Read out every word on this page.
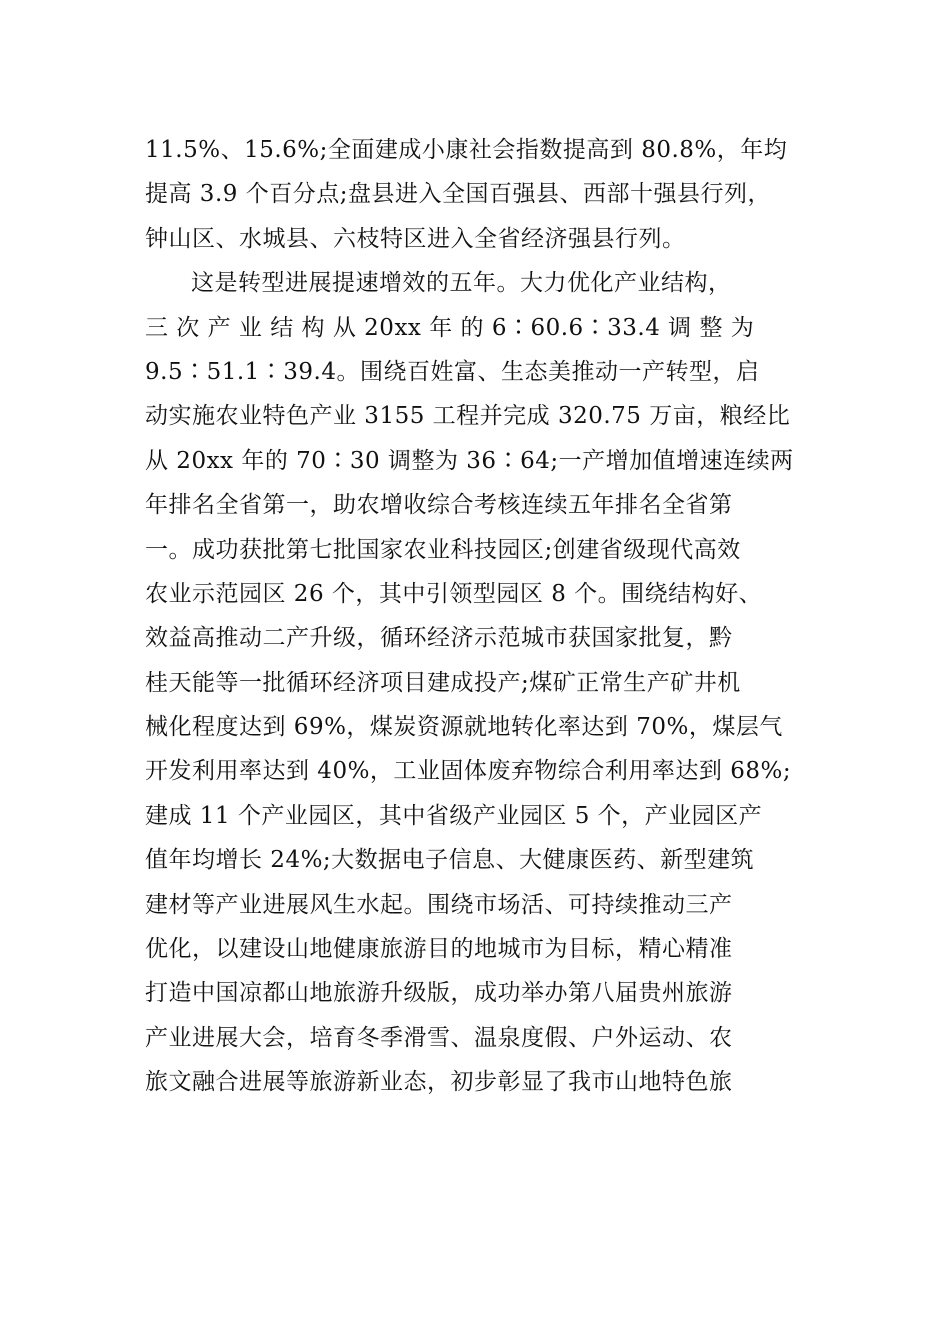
11.5%、15.6%;全面建成小康社会指数提高到 80.8%，年均
提高 3.9 个百分点;盘县进入全国百强县、西部十强县行列，
钟山区、水城县、六枝特区进入全省经济强县行列。
这是转型进展提速增效的五年。大力优化产业结构，
三 次 产 业 结 构 从 20xx 年 的 6∶60.6∶33.4 调 整 为
9.5∶51.1∶39.4。围绕百姓富、生态美推动一产转型，启
动实施农业特色产业 3155 工程并完成 320.75 万亩，粮经比
从 20xx 年的 70∶30 调整为 36∶64;一产增加值增速连续两
年排名全省第一，助农增收综合考核连续五年排名全省第
一。成功获批第七批国家农业科技园区;创建省级现代高效
农业示范园区 26 个，其中引领型园区 8 个。围绕结构好、
效益高推动二产升级，循环经济示范城市获国家批复，黔
桂天能等一批循环经济项目建成投产;煤矿正常生产矿井机
械化程度达到 69%，煤炭资源就地转化率达到 70%，煤层气
开发利用率达到 40%，工业固体废弃物综合利用率达到 68%;
建成 11 个产业园区，其中省级产业园区 5 个，产业园区产
值年均增长 24%;大数据电子信息、大健康医药、新型建筑
建材等产业进展风生水起。围绕市场活、可持续推动三产
优化，以建设山地健康旅游目的地城市为目标，精心精准
打造中国凉都山地旅游升级版，成功举办第八届贵州旅游
产业进展大会，培育冬季滑雪、温泉度假、户外运动、农
旅文融合进展等旅游新业态，初步彰显了我市山地特色旅
